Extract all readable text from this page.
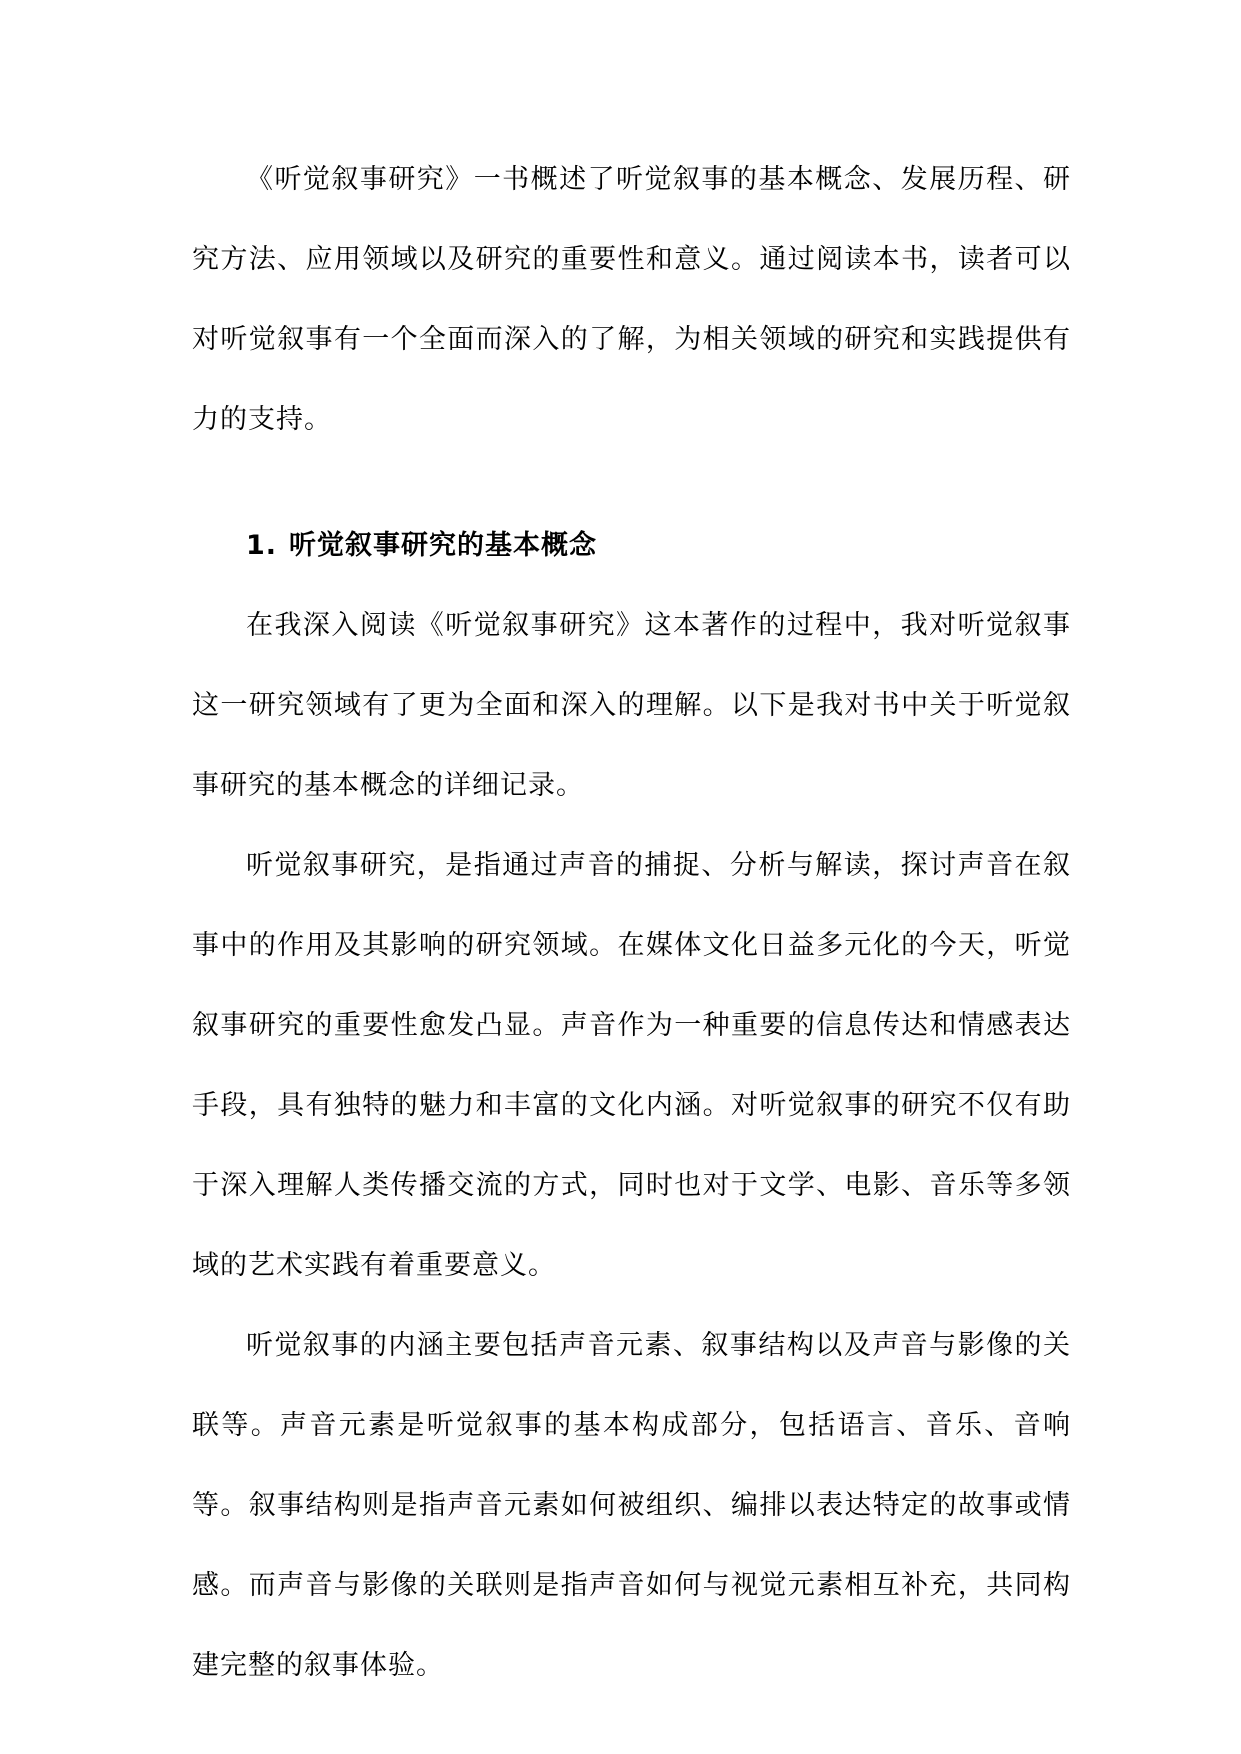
《听觉叙事研究》一书概述了听觉叙事的基本概念、发展历程、研究方法、应用领域以及研究的重要性和意义。通过阅读本书，读者可以对听觉叙事有一个全面而深入的了解，为相关领域的研究和实践提供有力的支持。

1. 听觉叙事研究的基本概念

在我深入阅读《听觉叙事研究》这本著作的过程中，我对听觉叙事这一研究领域有了更为全面和深入的理解。以下是我对书中关于听觉叙事研究的基本概念的详细记录。

听觉叙事研究，是指通过声音的捕捉、分析与解读，探讨声音在叙事中的作用及其影响的研究领域。在媒体文化日益多元化的今天，听觉叙事研究的重要性愈发凸显。声音作为一种重要的信息传达和情感表达手段，具有独特的魅力和丰富的文化内涵。对听觉叙事的研究不仅有助于深入理解人类传播交流的方式，同时也对于文学、电影、音乐等多领域的艺术实践有着重要意义。

听觉叙事的内涵主要包括声音元素、叙事结构以及声音与影像的关联等。声音元素是听觉叙事的基本构成部分，包括语言、音乐、音响等。叙事结构则是指声音元素如何被组织、编排以表达特定的故事或情感。而声音与影像的关联则是指声音如何与视觉元素相互补充，共同构建完整的叙事体验。
